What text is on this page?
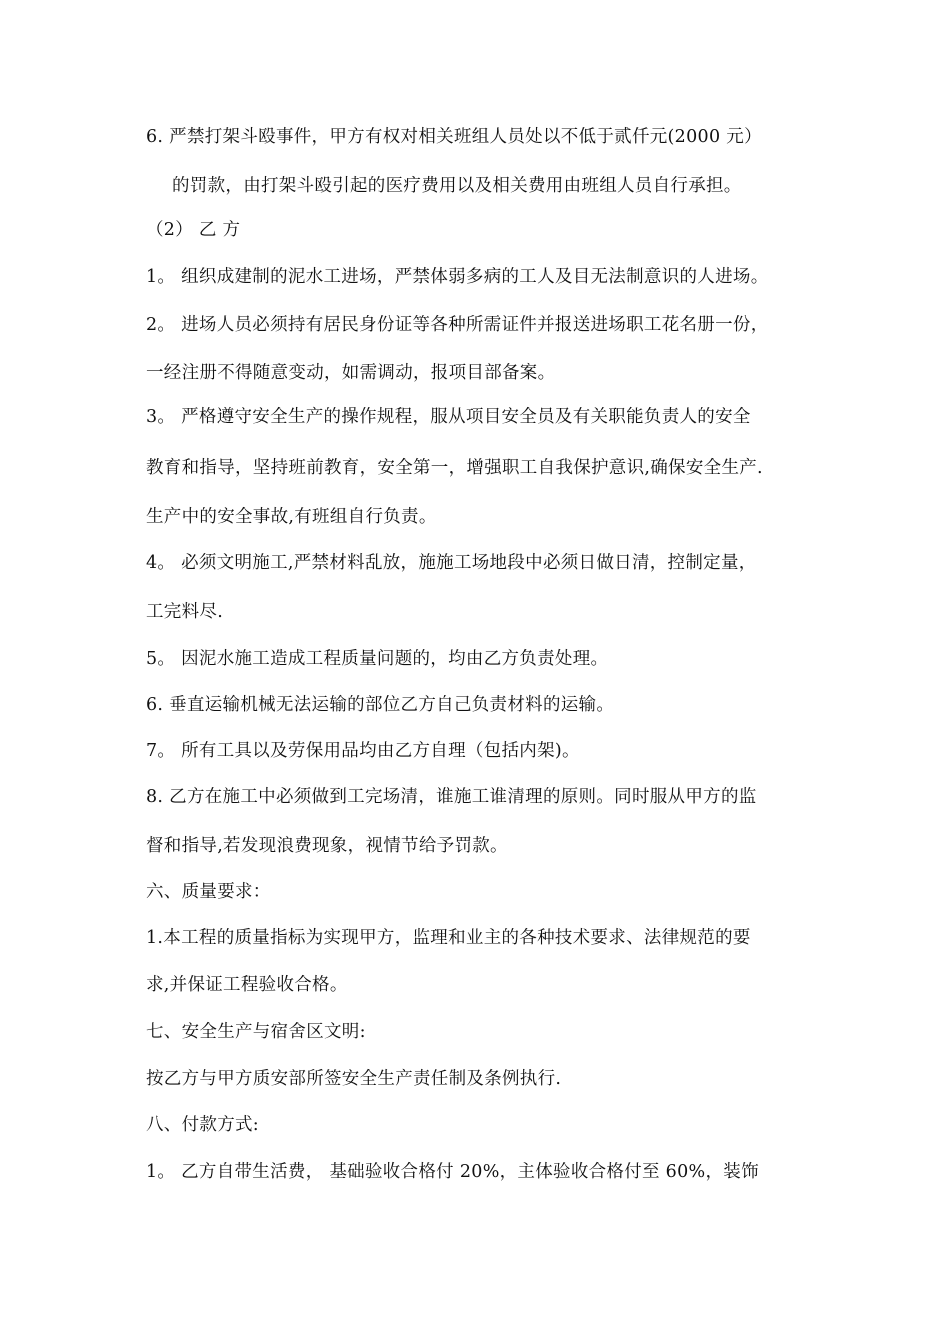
6. 严禁打架斗殴事件，甲方有权对相关班组人员处以不低于贰仟元(2000 元）
的罚款，由打架斗殴引起的医疗费用以及相关费用由班组人员自行承担。
（2） 乙 方
1。 组织成建制的泥水工进场，严禁体弱多病的工人及目无法制意识的人进场。
2。 进场人员必须持有居民身份证等各种所需证件并报送进场职工花名册一份，
一经注册不得随意变动，如需调动，报项目部备案。
3。 严格遵守安全生产的操作规程，服从项目安全员及有关职能负责人的安全
教育和指导，坚持班前教育，安全第一，增强职工自我保护意识,确保安全生产.
生产中的安全事故,有班组自行负责。
4。 必须文明施工,严禁材料乱放，施施工场地段中必须日做日清，控制定量，
工完料尽.
5。 因泥水施工造成工程质量问题的，均由乙方负责处理。
6. 垂直运输机械无法运输的部位乙方自己负责材料的运输。
7。 所有工具以及劳保用品均由乙方自理（包括内架)。
8. 乙方在施工中必须做到工完场清，谁施工谁清理的原则。同时服从甲方的监
督和指导,若发现浪费现象，视情节给予罚款。
六、质量要求：
1.本工程的质量指标为实现甲方，监理和业主的各种技术要求、法律规范的要
求,并保证工程验收合格。
七、安全生产与宿舍区文明:
按乙方与甲方质安部所签安全生产责任制及条例执行.
八、付款方式:
1。 乙方自带生活费， 基础验收合格付 20%，主体验收合格付至 60%，装饰
